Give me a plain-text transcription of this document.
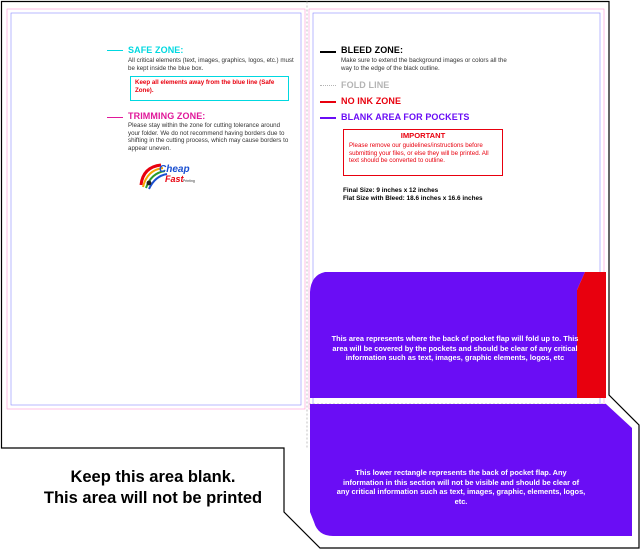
SAFE ZONE:
All critical elements (text, images, graphics, logos, etc.) must be kept inside the blue box.
Keep all elements away from the blue line (Safe Zone).
TRIMMING ZONE:
Please stay within the zone for cutting tolerance around your folder. We do not recommend having borders due to shifting in the cutting process, which may cause borders to appear uneven.
Cheap
Fast Printing
BLEED ZONE:
Make sure to extend the background images or colors all the way to the edge of the black outline.
FOLD LINE
NO INK ZONE
BLANK AREA FOR POCKETS
IMPORTANT
Please remove our guidelines/instructions before submitting your files, or else they will be printed. All text should be converted to outline.
Final Size: 9 inches x 12 inches
Flat Size with Bleed: 18.6 inches x 16.6 inches
This area represents where the back of pocket flap will fold up to. This area will be covered by the pockets and should be clear of any critical information such as text, images, graphic elements, logos, etc
This lower rectangle represents the back of pocket flap. Any information in this section will not be visible and should be clear of any critical information such as text, images, graphic, elements, logos, etc.
Keep this area blank.
This area will not be printed
